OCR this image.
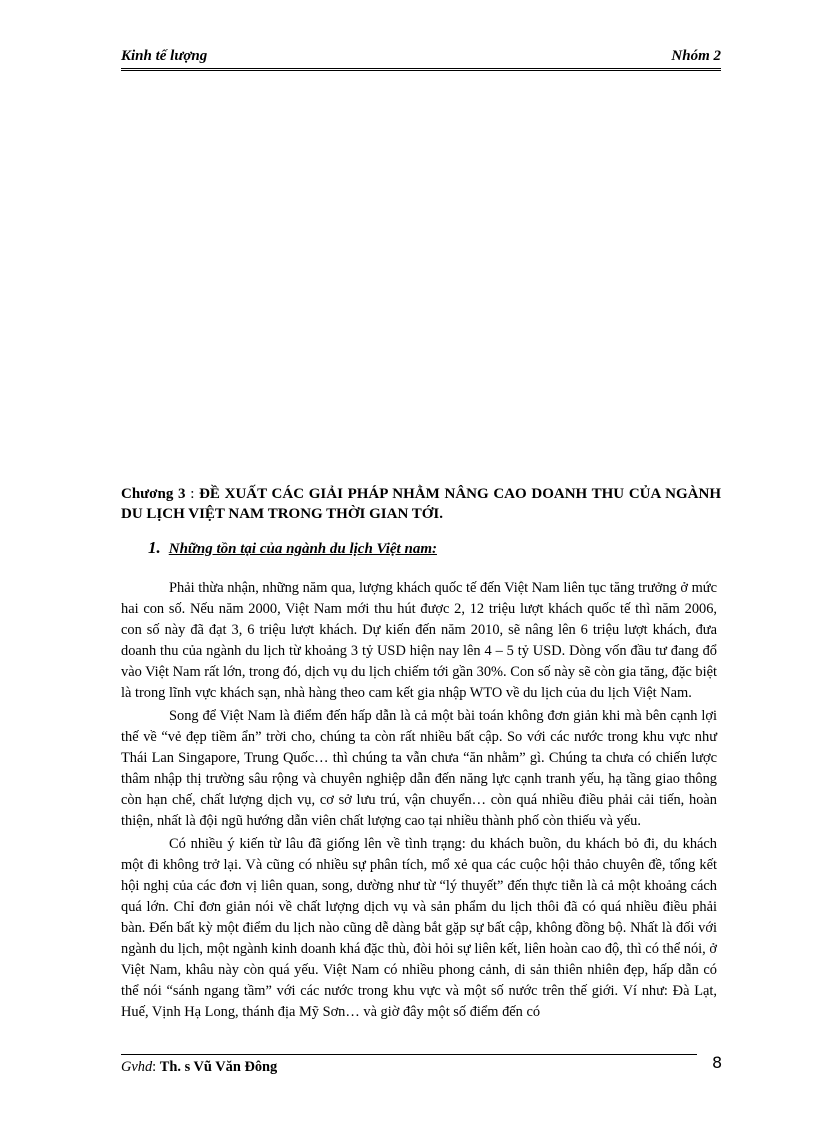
Kinh tế lượng	Nhóm 2
Chương 3 : ĐỀ XUẤT CÁC GIẢI PHÁP NHẰM NÂNG CAO DOANH THU CỦA NGÀNH DU LỊCH VIỆT NAM TRONG THỜI GIAN TỚI.
1. Những tồn tại của ngành du lịch Việt nam:

Phải thừa nhận, những năm qua, lượng khách quốc tế đến Việt Nam liên tục tăng trưởng ở mức hai con số. Nếu năm 2000, Việt Nam mới thu hút được 2, 12 triệu lượt khách quốc tế thì năm 2006, con số này đã đạt 3, 6 triệu lượt khách. Dự kiến đến năm 2010, sẽ nâng lên 6 triệu lượt khách, đưa doanh thu của ngành du lịch từ khoảng 3 tỷ USD hiện nay lên 4 – 5 tỷ USD. Dòng vốn đầu tư đang đổ vào Việt Nam rất lớn, trong đó, dịch vụ du lịch chiếm tới gần 30%. Con số này sẽ còn gia tăng, đặc biệt là trong lĩnh vực khách sạn, nhà hàng theo cam kết gia nhập WTO về du lịch của du lịch Việt Nam.

Song để Việt Nam là điểm đến hấp dẫn là cả một bài toán không đơn giản khi mà bên cạnh lợi thế về “vẻ đẹp tiềm ẩn” trời cho, chúng ta còn rất nhiều bất cập. So với các nước trong khu vực như Thái Lan Singapore, Trung Quốc… thì chúng ta vẫn chưa “ăn nhằm” gì. Chúng ta chưa có chiến lược thâm nhập thị trường sâu rộng và chuyên nghiệp dẫn đến năng lực cạnh tranh yếu, hạ tầng giao thông còn hạn chế, chất lượng dịch vụ, cơ sở lưu trú, vận chuyển… còn quá nhiều điều phải cải tiến, hoàn thiện, nhất là đội ngũ hướng dẫn viên chất lượng cao tại nhiều thành phố còn thiếu và yếu.

Có nhiều ý kiến từ lâu đã giống lên về tình trạng: du khách buồn, du khách bỏ đi, du khách một đi không trở lại. Và cũng có nhiều sự phân tích, mổ xẻ qua các cuộc hội thảo chuyên đề, tổng kết hội nghị của các đơn vị liên quan, song, dường như từ “lý thuyết” đến thực tiễn là cả một khoảng cách quá lớn. Chỉ đơn giản nói về chất lượng dịch vụ và sản phẩm du lịch thôi đã có quá nhiều điều phải bàn. Đến bất kỳ một điểm du lịch nào cũng dễ dàng bắt gặp sự bất cập, không đồng bộ. Nhất là đối với ngành du lịch, một ngành kinh doanh khá đặc thù, đòi hỏi sự liên kết, liên hoàn cao độ, thì có thể nói, ở Việt Nam, khâu này còn quá yếu. Việt Nam có nhiều phong cảnh, di sản thiên nhiên đẹp, hấp dẫn có thể nói “sánh ngang tầm” với các nước trong khu vực và một số nước trên thế giới. Ví như: Đà Lạt, Huế, Vịnh Hạ Long, thánh địa Mỹ Sơn… và giờ đây một số điểm đến có

Gvhd: Th. s Vũ Văn Đông	8
